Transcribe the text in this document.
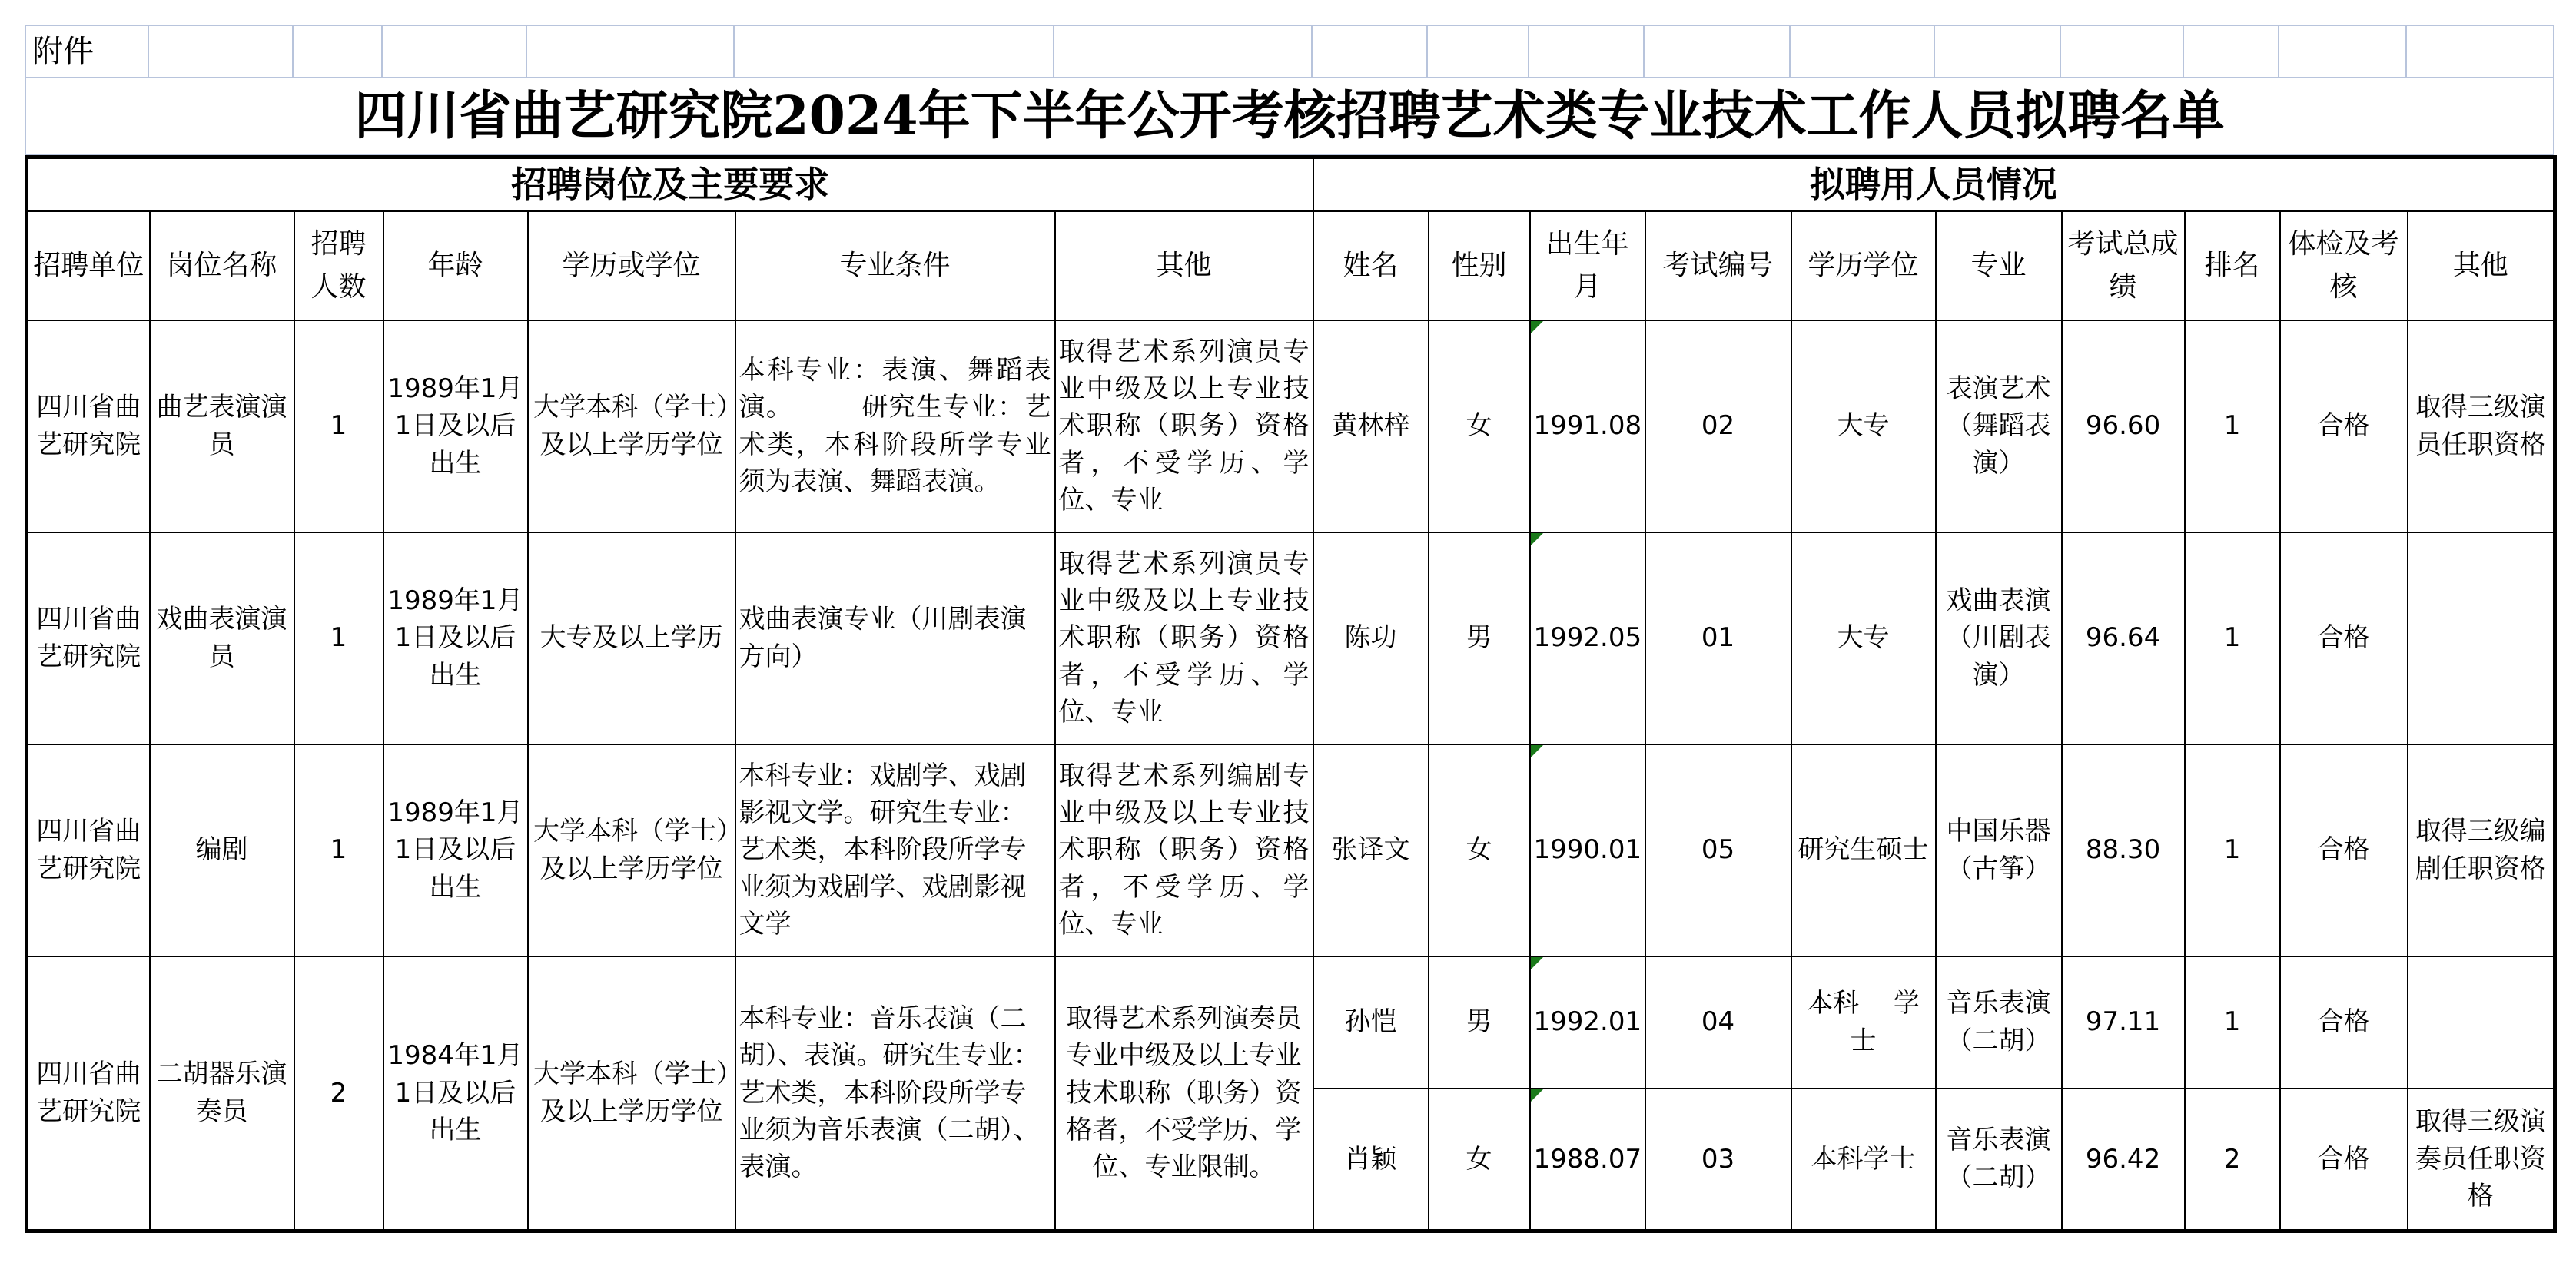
附件																
四川省曲艺研究院2024年下半年公开考核招聘艺术类专业技术工作人员拟聘名单
招聘岗位及主要要求							拟聘用人员情况									
招聘单位	岗位名称	招聘人数	年龄	学历或学位	专业条件	其他	姓名	性别	出生年月	考试编号	学历学位	专业	考试总成绩	排名	体检及考核	其他
四川省曲艺研究院	曲艺表演演员	1	1989年1月1日及以后出生	大学本科（学士）及以上学历学位	本科专业：表演、舞蹈表演。　　　研究生专业：艺术类，本科阶段所学专业须为表演、舞蹈表演。	取得艺术系列演员专业中级及以上专业技术职称（职务）资格者，不受学历、学位、专业	黄林梓	女	1991.08	02	大专	表演艺术（舞蹈表演）	96.60	1	合格	取得三级演员任职资格
四川省曲艺研究院	戏曲表演演员	1	1989年1月1日及以后出生	大专及以上学历	戏曲表演专业（川剧表演方向）	取得艺术系列演员专业中级及以上专业技术职称（职务）资格者，不受学历、学位、专业	陈功	男	1992.05	01	大专	戏曲表演（川剧表演）	96.64	1	合格	
四川省曲艺研究院	编剧	1	1989年1月1日及以后出生	大学本科（学士）及以上学历学位	本科专业：戏剧学、戏剧影视文学。研究生专业：艺术类，本科阶段所学专业须为戏剧学、戏剧影视文学	取得艺术系列编剧专业中级及以上专业技术职称（职务）资格者，不受学历、学位、专业	张译文	女	1990.01	05	研究生硕士	中国乐器（古筝）	88.30	1	合格	取得三级编剧任职资格
四川省曲艺研究院	二胡器乐演奏员	2	1984年1月1日及以后出生	大学本科（学士）及以上学历学位	本科专业：音乐表演（二胡）、表演。研究生专业：艺术类，本科阶段所学专业须为音乐表演（二胡）、表演。	取得艺术系列演奏员专业中级及以上专业技术职称（职务）资格者，不受学历、学位、专业限制。	孙恺	男	1992.01	04	本科　 学士	音乐表演（二胡）	97.11	1	合格	
							肖颖	女	1988.07	03	本科学士	音乐表演（二胡）	96.42	2	合格	取得三级演奏员任职资格
